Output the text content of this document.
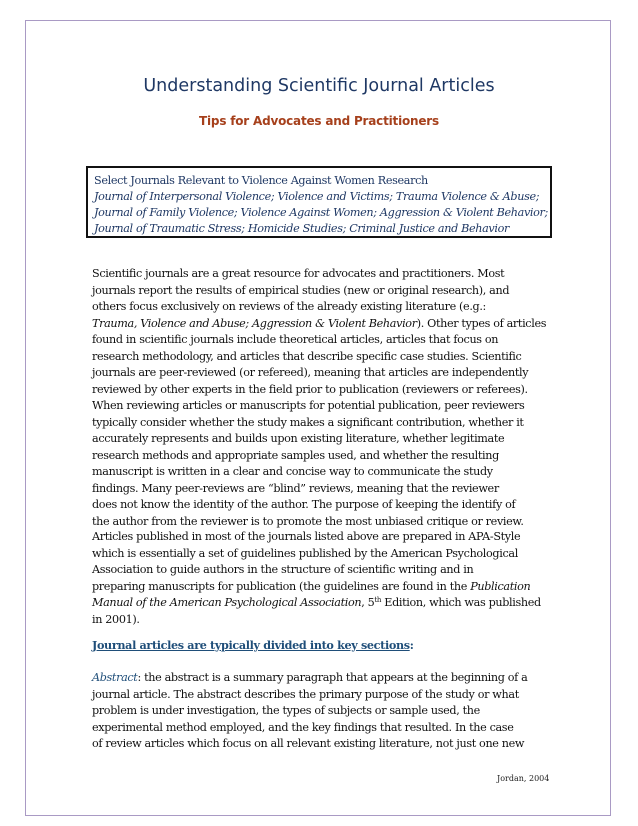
Understanding Scientific Journal Articles
Tips for Advocates and Practitioners
Select Journals Relevant to Violence Against Women Research
Journal of Interpersonal Violence; Violence and Victims; Trauma Violence & Abuse;
Journal of Family Violence; Violence Against Women; Aggression & Violent Behavior;
Journal of Traumatic Stress; Homicide Studies; Criminal Justice and Behavior
Scientific journals are a great resource for advocates and practitioners. Most
journals report the results of empirical studies (new or original research), and
others focus exclusively on reviews of the already existing literature (e.g.:
Trauma, Violence and Abuse; Aggression & Violent Behavior). Other types of articles
found in scientific journals include theoretical articles, articles that focus on
research methodology, and articles that describe specific case studies. Scientific
journals are peer-reviewed (or refereed), meaning that articles are independently
reviewed by other experts in the field prior to publication (reviewers or referees).
When reviewing articles or manuscripts for potential publication, peer reviewers
typically consider whether the study makes a significant contribution, whether it
accurately represents and builds upon existing literature, whether legitimate
research methods and appropriate samples used, and whether the resulting
manuscript is written in a clear and concise way to communicate the study
findings. Many peer-reviews are “blind” reviews, meaning that the reviewer
does not know the identity of the author. The purpose of keeping the identify of
the author from the reviewer is to promote the most unbiased critique or review.
Articles published in most of the journals listed above are prepared in APA-Style
which is essentially a set of guidelines published by the American Psychological
Association to guide authors in the structure of scientific writing and in
preparing manuscripts for publication (the guidelines are found in the Publication
Manual of the American Psychological Association, 5th Edition, which was published
in 2001).
Journal articles are typically divided into key sections:
Abstract: the abstract is a summary paragraph that appears at the beginning of a
journal article. The abstract describes the primary purpose of the study or what
problem is under investigation, the types of subjects or sample used, the
experimental method employed, and the key findings that resulted. In the case
of review articles which focus on all relevant existing literature, not just one new
Jordan, 2004
